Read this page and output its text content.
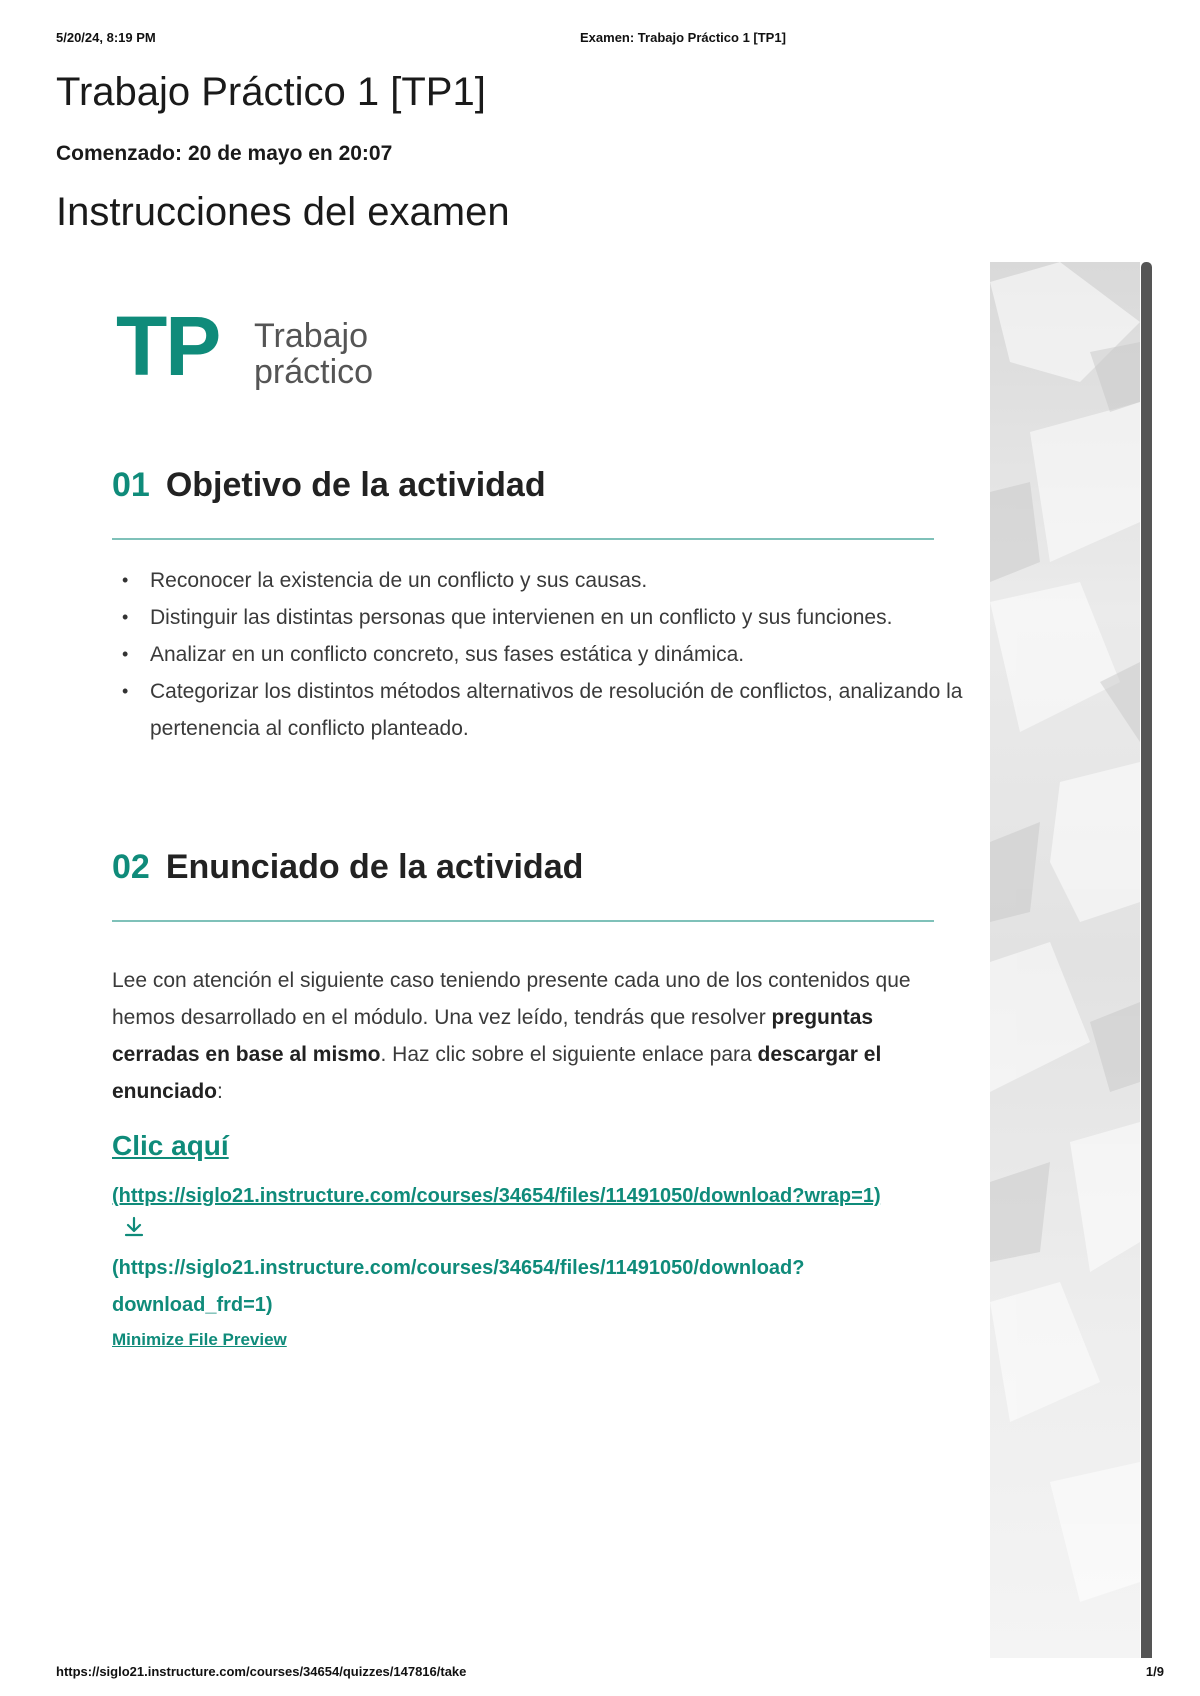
5/20/24, 8:19 PM	Examen: Trabajo Práctico 1 [TP1]
Trabajo Práctico 1 [TP1]
Comenzado: 20 de mayo en 20:07
Instrucciones del examen
TP Trabajo
práctico
01 Objetivo de la actividad
• Reconocer la existencia de un conflicto y sus causas.
• Distinguir las distintas personas que intervienen en un conflicto y sus funciones.
• Analizar en un conflicto concreto, sus fases estática y dinámica.
• Categorizar los distintos métodos alternativos de resolución de conflictos, analizando la pertenencia al conflicto planteado.
02 Enunciado de la actividad

Lee con atención el siguiente caso teniendo presente cada uno de los contenidos que hemos desarrollado en el módulo. Una vez leído, tendrás que resolver preguntas cerradas en base al mismo. Haz clic sobre el siguiente enlace para descargar el enunciado:

Clic aquí
(https://siglo21.instructure.com/courses/34654/files/11491050/download?wrap=1)
(https://siglo21.instructure.com/courses/34654/files/11491050/download?download_frd=1)
Minimize File Preview
https://siglo21.instructure.com/courses/34654/quizzes/147816/take	1/9
